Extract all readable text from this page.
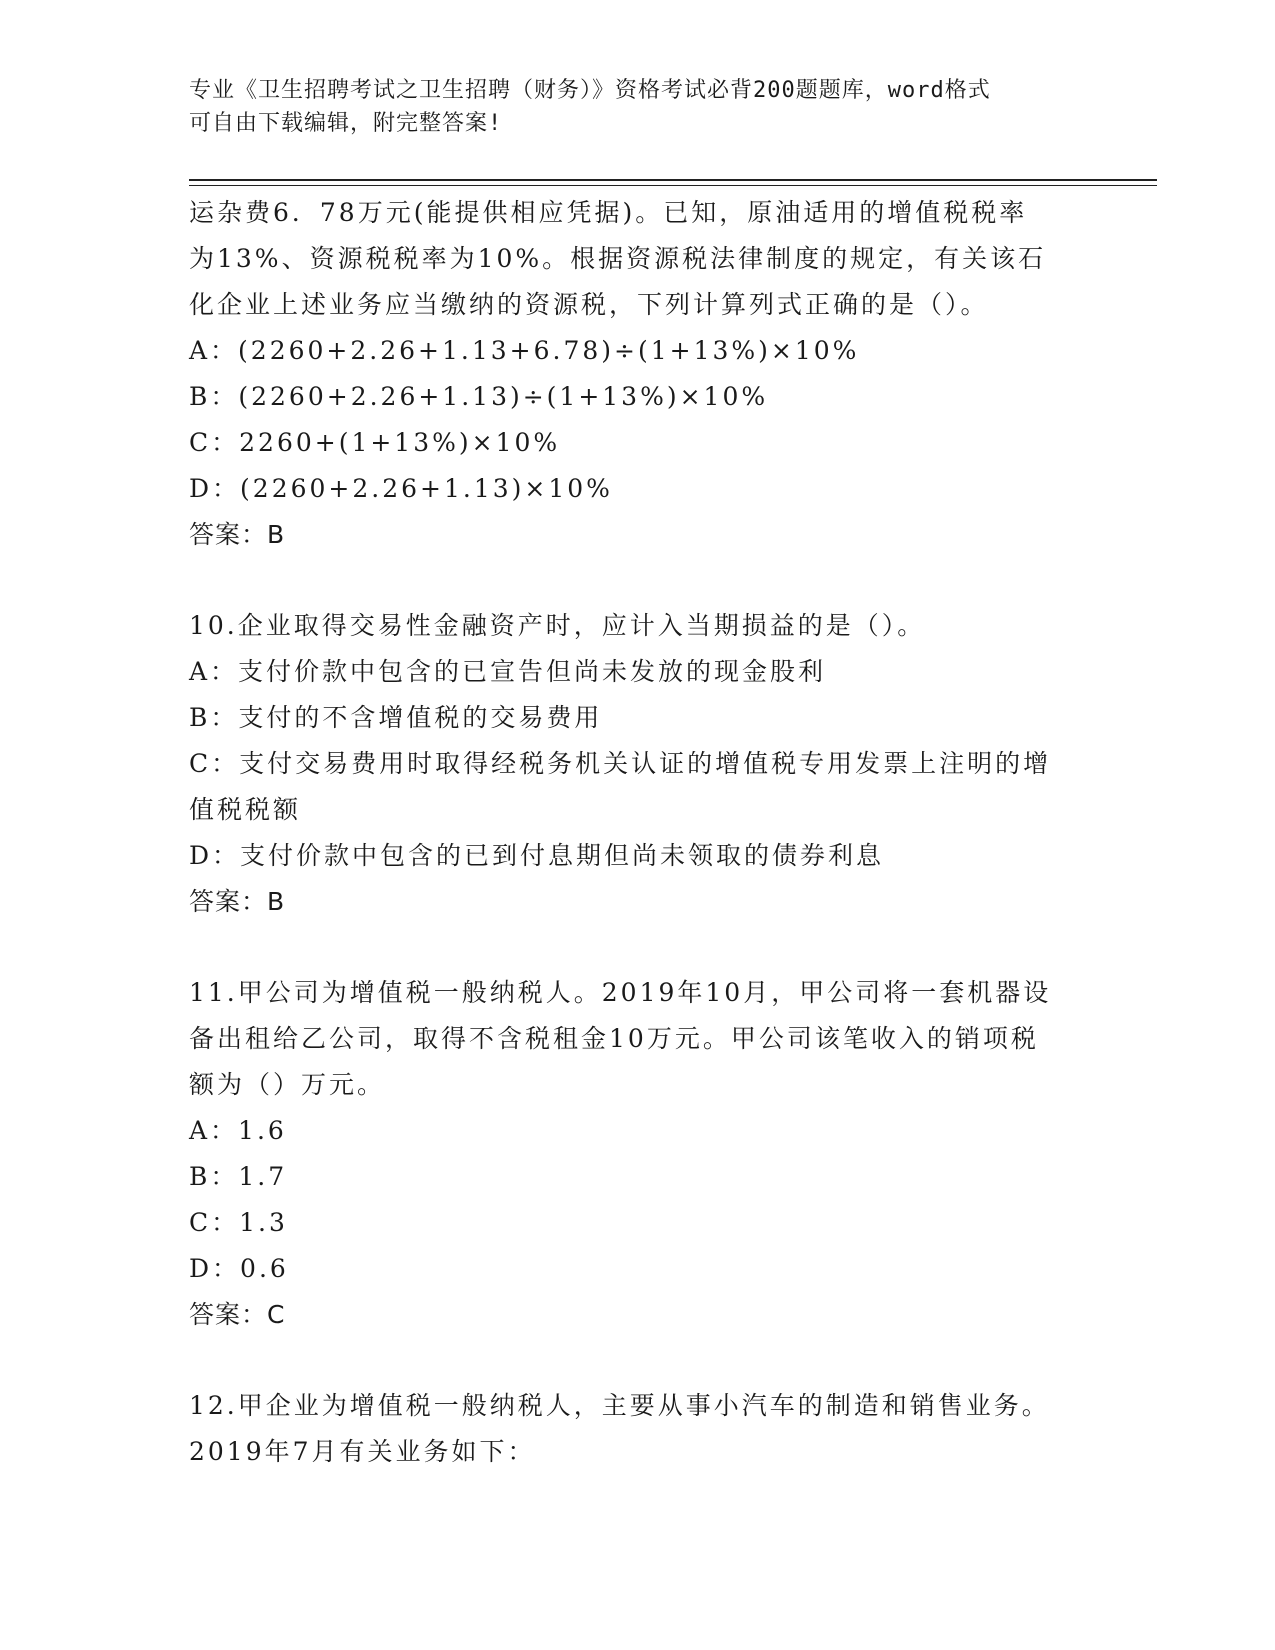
专业《卫生招聘考试之卫生招聘（财务）》资格考试必背200题题库，word格式
可自由下载编辑，附完整答案!
运杂费6．78万元(能提供相应凭据)。已知，原油适用的增值税税率
为13%、资源税税率为10%。根据资源税法律制度的规定，有关该石
化企业上述业务应当缴纳的资源税，下列计算列式正确的是（）。
A：(2260+2.26+1.13+6.78)÷(1+13%)×10%
B：(2260+2.26+1.13)÷(1+13%)×10%
C：2260+(1+13%)×10%
D：(2260+2.26+1.13)×10%
答案：B
10.企业取得交易性金融资产时，应计入当期损益的是（）。
A：支付价款中包含的已宣告但尚未发放的现金股利
B：支付的不含增值税的交易费用
C：支付交易费用时取得经税务机关认证的增值税专用发票上注明的增
值税税额
D：支付价款中包含的已到付息期但尚未领取的债券利息
答案：B
11.甲公司为增值税一般纳税人。2019年10月，甲公司将一套机器设
备出租给乙公司，取得不含税租金10万元。甲公司该笔收入的销项税
额为（）万元。
A：1.6
B：1.7
C：1.3
D：0.6
答案：C
12.甲企业为增值税一般纳税人，主要从事小汽车的制造和销售业务。
2019年7月有关业务如下：
